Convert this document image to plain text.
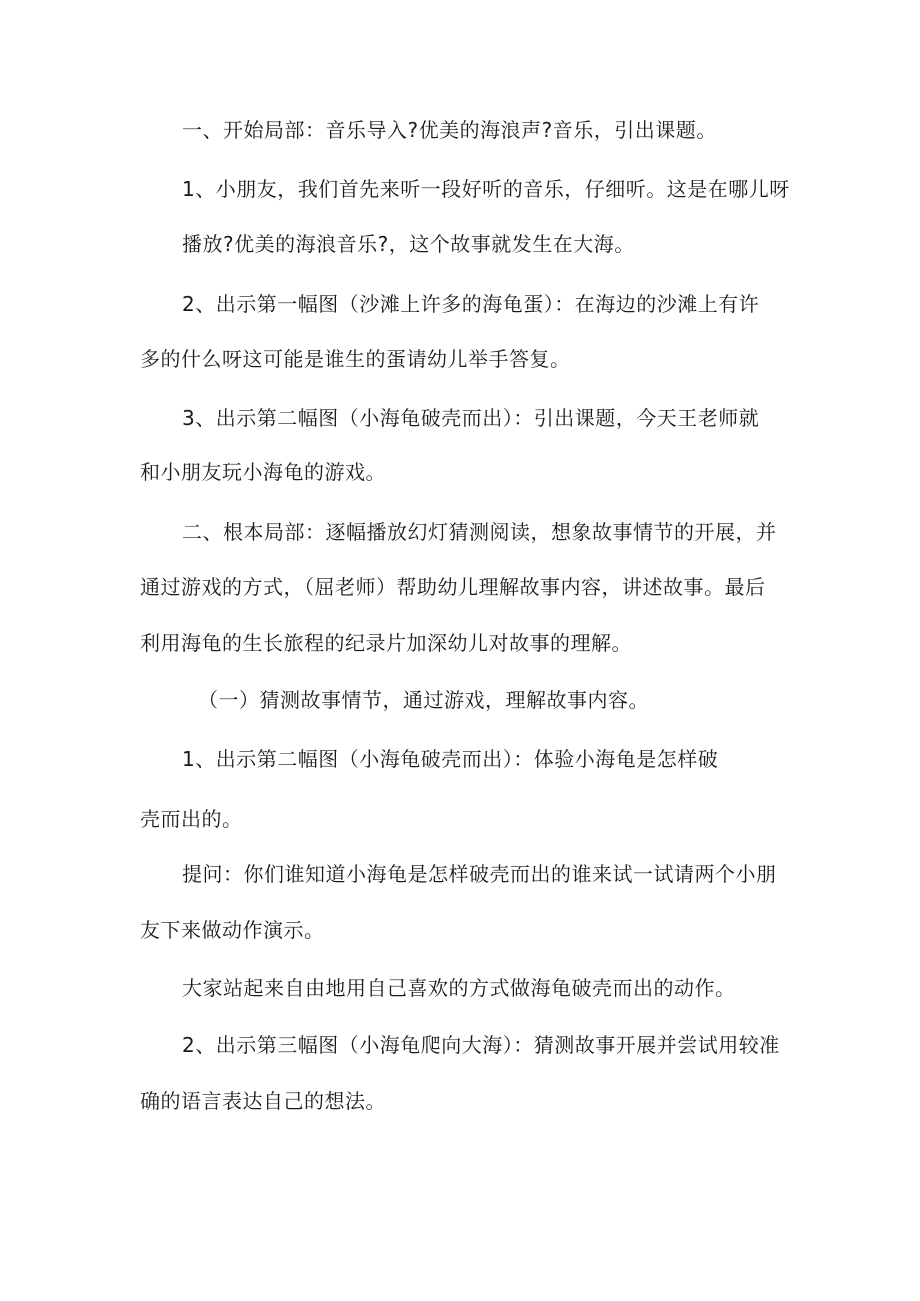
一、开始局部：音乐导入?优美的海浪声?音乐，引出课题。
1、小朋友，我们首先来听一段好听的音乐，仔细听。这是在哪儿呀
播放?优美的海浪音乐?，这个故事就发生在大海。
2、出示第一幅图（沙滩上许多的海龟蛋）：在海边的沙滩上有许
多的什么呀这可能是谁生的蛋请幼儿举手答复。
3、出示第二幅图（小海龟破壳而出）：引出课题，今天王老师就
和小朋友玩小海龟的游戏。
二、根本局部：逐幅播放幻灯猜测阅读，想象故事情节的开展，并
通过游戏的方式，（屈老师）帮助幼儿理解故事内容，讲述故事。最后
利用海龟的生长旅程的纪录片加深幼儿对故事的理解。
（一）猜测故事情节，通过游戏，理解故事内容。
1、出示第二幅图（小海龟破壳而出）：体验小海龟是怎样破
壳而出的。
提问：你们谁知道小海龟是怎样破壳而出的谁来试一试请两个小朋
友下来做动作演示。
大家站起来自由地用自己喜欢的方式做海龟破壳而出的动作。
2、出示第三幅图（小海龟爬向大海）：猜测故事开展并尝试用较准
确的语言表达自己的想法。
